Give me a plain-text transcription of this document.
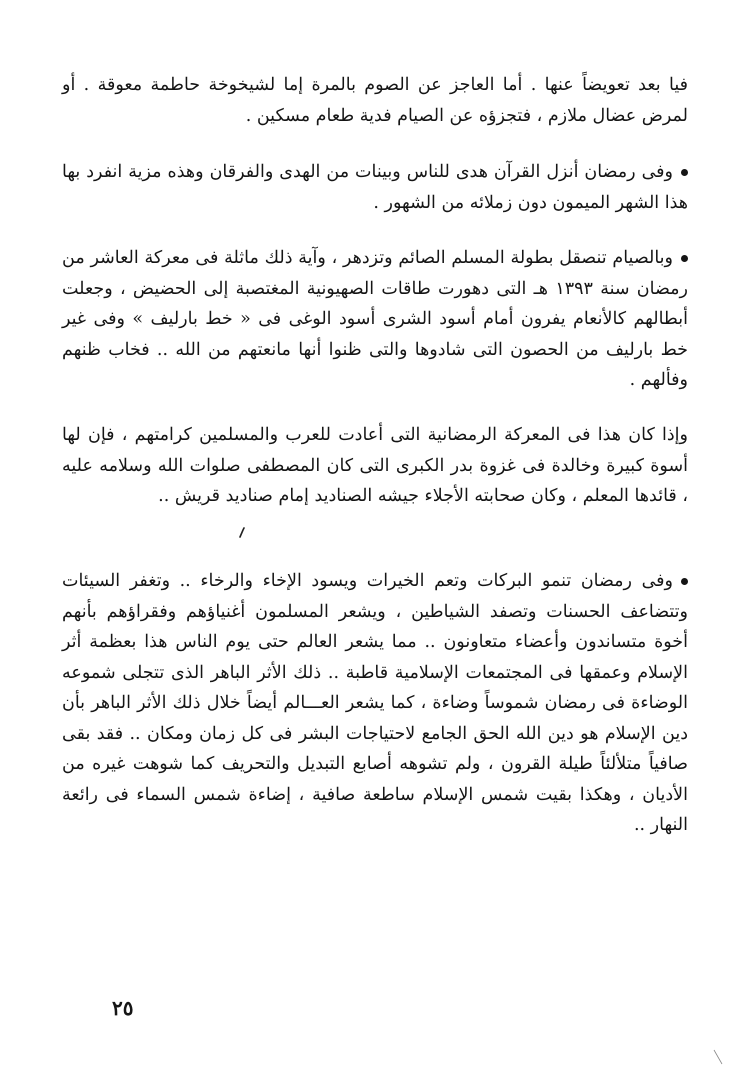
فيا بعد تعويضاً عنها . أما العاجز عن الصوم بالمرة إما لشيخوخة حاطمة معوقة . أو لمرض عضال ملازم ، فتجزؤه عن الصيام فدية طعام مسكين .

وفى رمضان أنزل القرآن هدى للناس وبينات من الهدى والفرقان وهذه مزية انفرد بها هذا الشهر الميمون دون زملائه من الشهور .

وبالصيام تنصقل بطولة المسلم الصائم وتزدهر ، وآية ذلك ماثلة فى معركة العاشر من رمضان سنة ١٣٩٣ هـ التى دهورت طاقات الصهيونية المغتصبة إلى الحضيض ، وجعلت أبطالهم كالأنعام يفرون أمام أسود الشرى أسود الوغى فى « خط بارليف » وفى غير خط بارليف من الحصون التى شادوها والتى ظنوا أنها مانعتهم من الله .. فخاب ظنهم وفألهم .

وإذا كان هذا فى المعركة الرمضانية التى أعادت للعرب والمسلمين كرامتهم ، فإن لها أسوة كبيرة وخالدة فى غزوة بدر الكبرى التى كان المصطفى صلوات الله وسلامه عليه ، قائدها المعلم ، وكان صحابته الأجلاء جيشه الصناديد إمام صناديد قريش ..

وفى رمضان تنمو البركات وتعم الخيرات ويسود الإخاء والرخاء .. وتغفر السيئات وتتضاعف الحسنات وتصفد الشياطين ، ويشعر المسلمون أغنياؤهم وفقراؤهم بأنهم أخوة متساندون وأعضاء متعاونون .. مما يشعر العالم حتى يوم الناس هذا بعظمة أثر الإسلام وعمقها فى المجتمعات الإسلامية قاطبة .. ذلك الأثر الباهر الذى تتجلى شموعه الوضاءة فى رمضان شموساً وضاءة ، كما يشعر العـــالم أيضاً خلال ذلك الأثر الباهر بأن دين الإسلام هو دين الله الحق الجامع لاحتياجات البشر فى كل زمان ومكان .. فقد بقى صافياً متلألئاً طيلة القرون ، ولم تشوهه أصابع التبديل والتحريف كما شوهت غيره من الأديان ، وهكذا بقيت شمس الإسلام ساطعة صافية ، إضاءة شمس السماء فى رائعة النهار ..

٢٥
